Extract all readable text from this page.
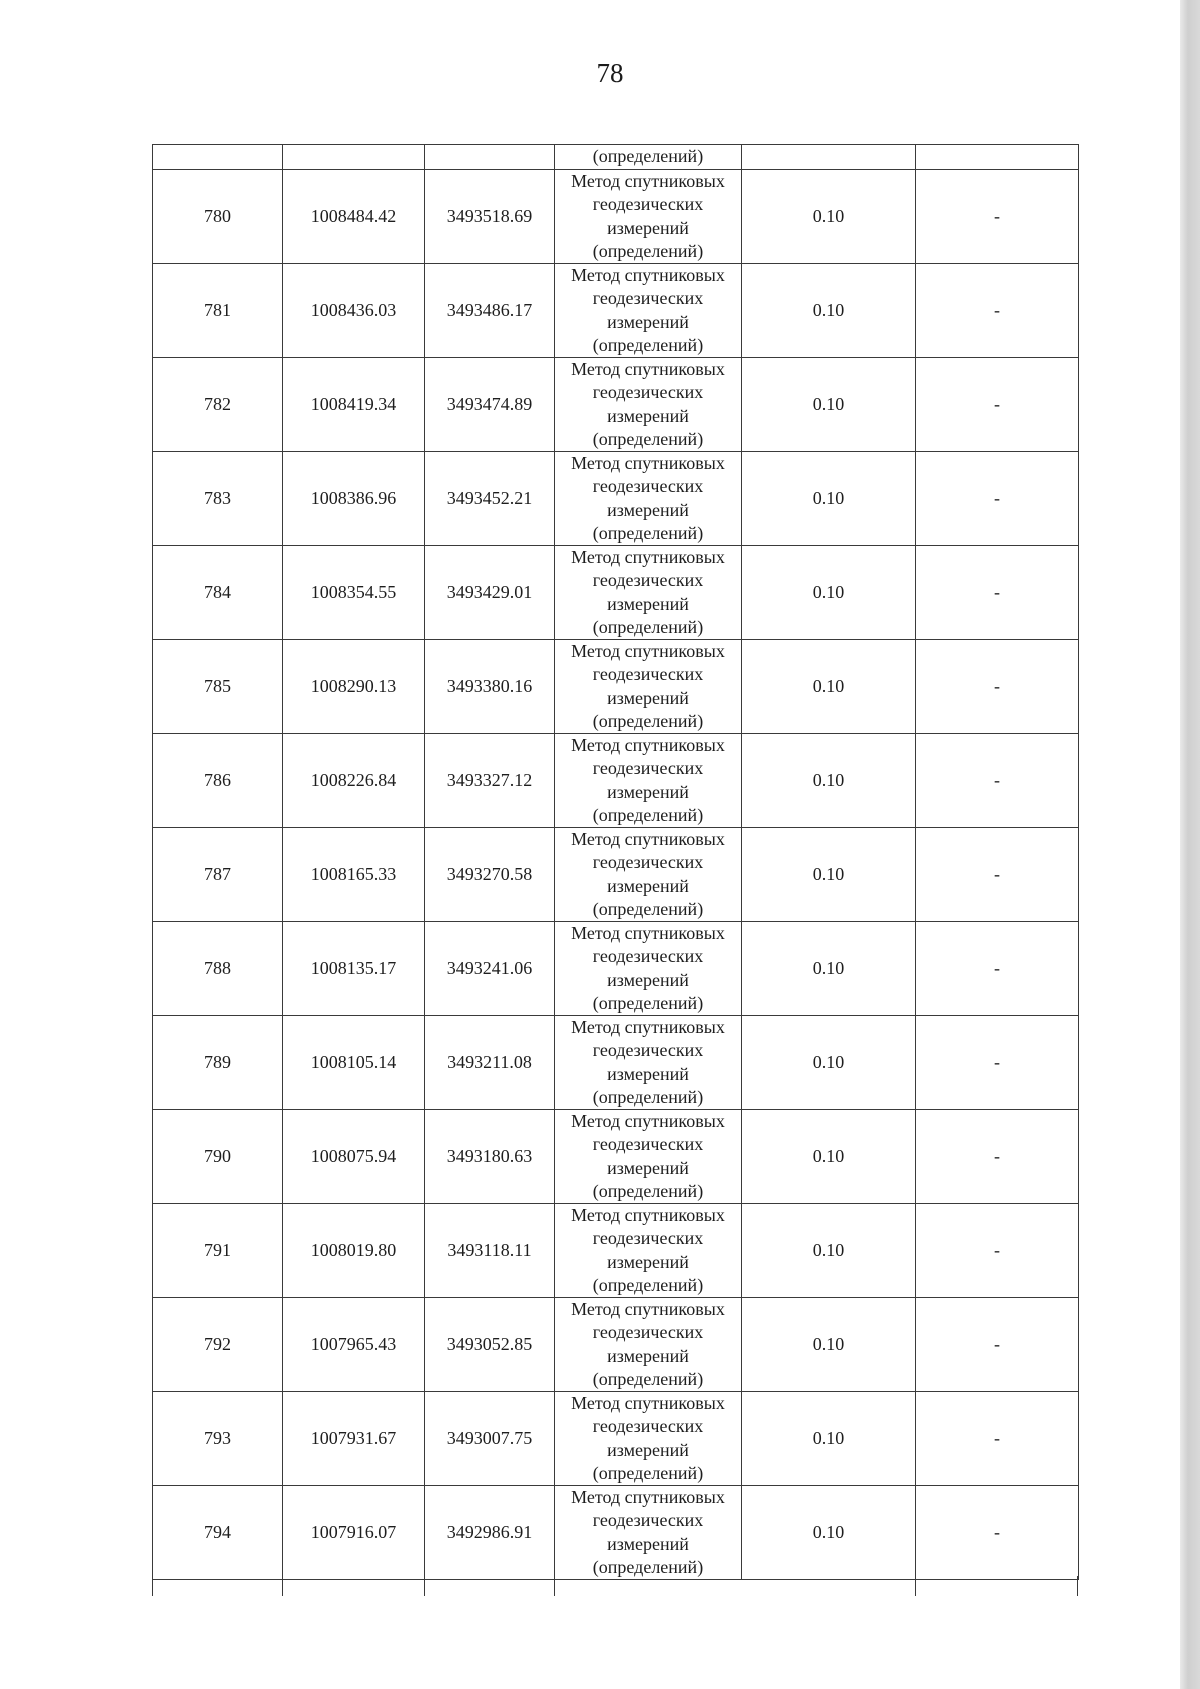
78
			(определений)		
780	1008484.42	3493518.69	Метод спутниковых
геодезических
измерений
(определений)	0.10	-
781	1008436.03	3493486.17	Метод спутниковых
геодезических
измерений
(определений)	0.10	-
782	1008419.34	3493474.89	Метод спутниковых
геодезических
измерений
(определений)	0.10	-
783	1008386.96	3493452.21	Метод спутниковых
геодезических
измерений
(определений)	0.10	-
784	1008354.55	3493429.01	Метод спутниковых
геодезических
измерений
(определений)	0.10	-
785	1008290.13	3493380.16	Метод спутниковых
геодезических
измерений
(определений)	0.10	-
786	1008226.84	3493327.12	Метод спутниковых
геодезических
измерений
(определений)	0.10	-
787	1008165.33	3493270.58	Метод спутниковых
геодезических
измерений
(определений)	0.10	-
788	1008135.17	3493241.06	Метод спутниковых
геодезических
измерений
(определений)	0.10	-
789	1008105.14	3493211.08	Метод спутниковых
геодезических
измерений
(определений)	0.10	-
790	1008075.94	3493180.63	Метод спутниковых
геодезических
измерений
(определений)	0.10	-
791	1008019.80	3493118.11	Метод спутниковых
геодезических
измерений
(определений)	0.10	-
792	1007965.43	3493052.85	Метод спутниковых
геодезических
измерений
(определений)	0.10	-
793	1007931.67	3493007.75	Метод спутниковых
геодезических
измерений
(определений)	0.10	-
794	1007916.07	3492986.91	Метод спутниковых
геодезических
измерений
(определений)	0.10	-
